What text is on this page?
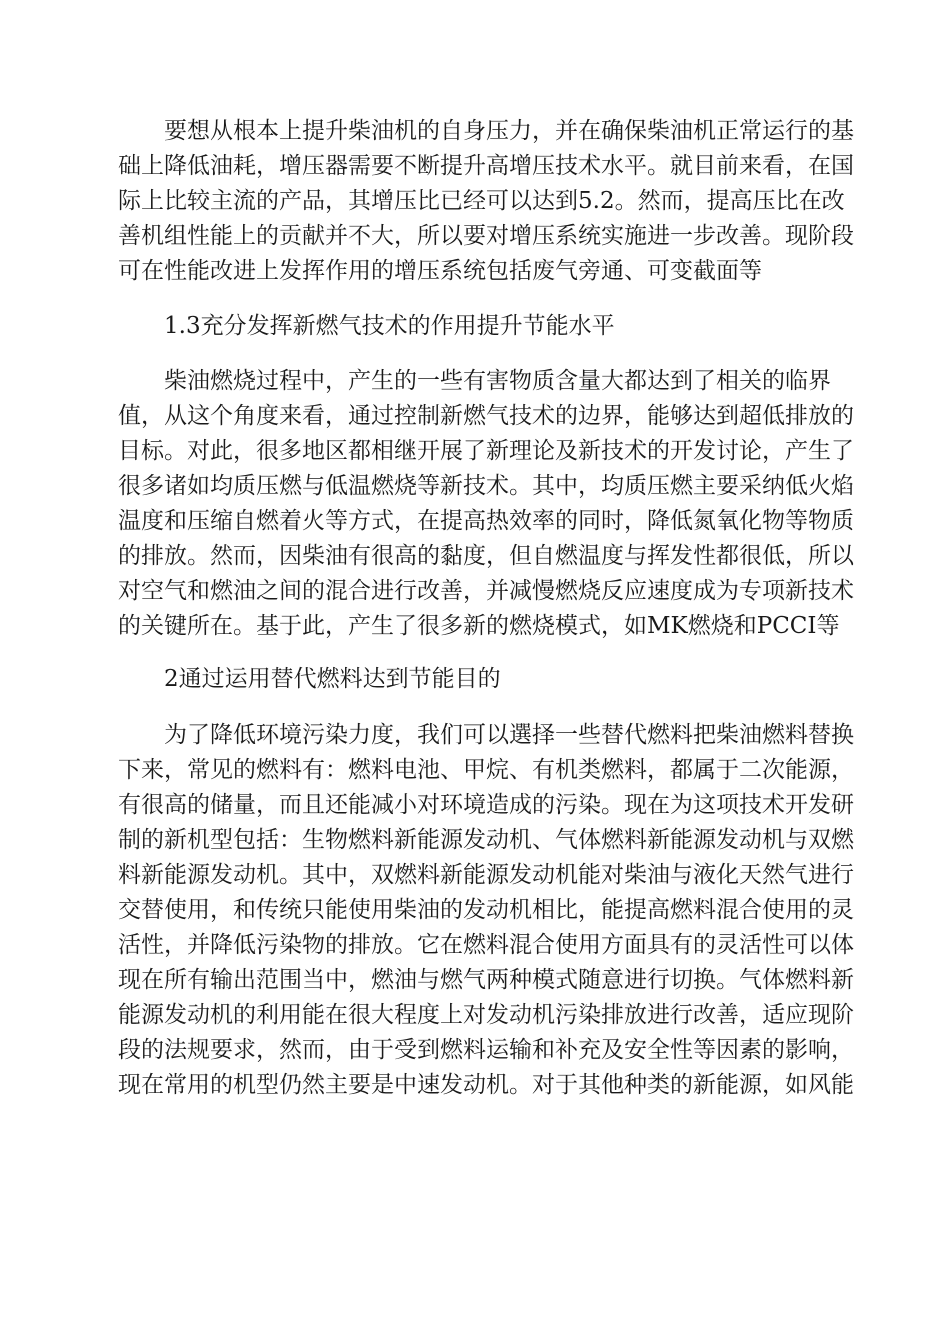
　　要想从根本上提升柴油机的自身压力，并在确保柴油机正常运行的基

础上降低油耗，增压器需要不断提升高增压技术水平。就目前来看，在国

际上比较主流的产品，其增压比已经可以达到5.2。然而，提高压比在改

善机组性能上的贡献并不大，所以要对增压系统实施进一步改善。现阶段

可在性能改进上发挥作用的增压系统包括废气旁通、可变截面等

　　1.3充分发挥新燃气技术的作用提升节能水平

　　柴油燃烧过程中，产生的一些有害物质含量大都达到了相关的临界

值，从这个角度来看，通过控制新燃气技术的边界，能够达到超低排放的

目标。对此，很多地区都相继开展了新理论及新技术的开发讨论，产生了

很多诸如均质压燃与低温燃烧等新技术。其中，均质压燃主要采纳低火焰

温度和压缩自燃着火等方式，在提高热效率的同时，降低氮氧化物等物质

的排放。然而，因柴油有很高的黏度，但自燃温度与挥发性都很低，所以

对空气和燃油之间的混合进行改善，并减慢燃烧反应速度成为专项新技术

的关键所在。基于此，产生了很多新的燃烧模式，如MK燃烧和PCCI等

　　2通过运用替代燃料达到节能目的

　　为了降低环境污染力度，我们可以選择一些替代燃料把柴油燃料替换

下来，常见的燃料有：燃料电池、甲烷、有机类燃料，都属于二次能源，

有很高的储量，而且还能减小对环境造成的污染。现在为这项技术开发研

制的新机型包括：生物燃料新能源发动机、气体燃料新能源发动机与双燃

料新能源发动机。其中，双燃料新能源发动机能对柴油与液化天然气进行

交替使用，和传统只能使用柴油的发动机相比，能提高燃料混合使用的灵

活性，并降低污染物的排放。它在燃料混合使用方面具有的灵活性可以体

现在所有输出范围当中，燃油与燃气两种模式随意进行切换。气体燃料新

能源发动机的利用能在很大程度上对发动机污染排放进行改善，适应现阶

段的法规要求，然而，由于受到燃料运输和补充及安全性等因素的影响，

现在常用的机型仍然主要是中速发动机。对于其他种类的新能源，如风能
